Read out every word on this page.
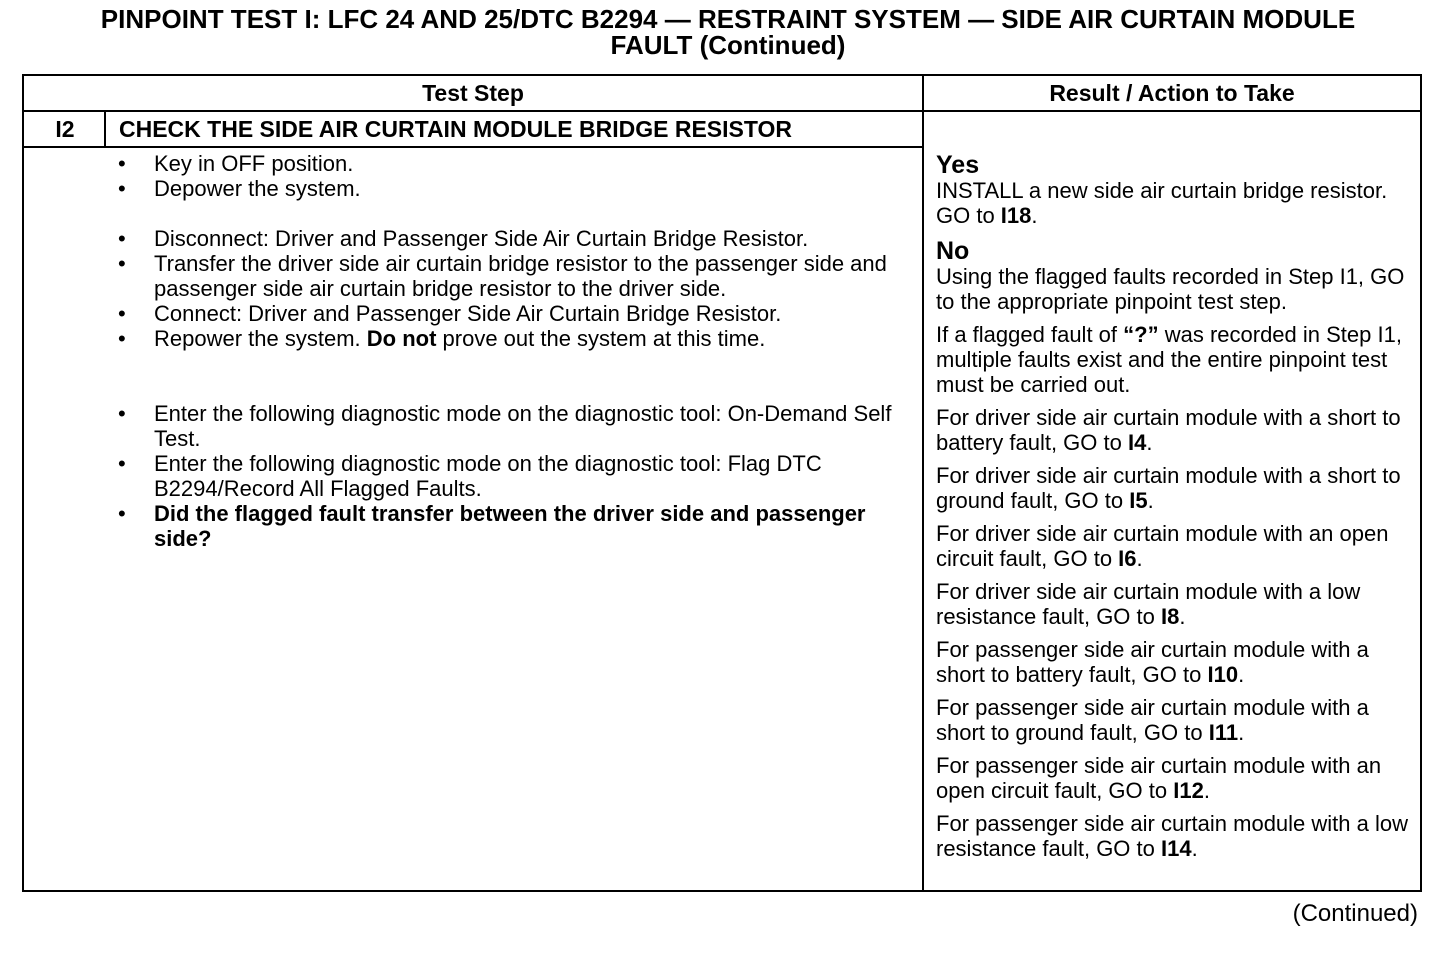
PINPOINT TEST I: LFC 24 AND 25/DTC B2294 — RESTRAINT SYSTEM — SIDE AIR CURTAIN MODULE
FAULT (Continued)
Test Step	Result / Action to Take
I2	CHECK THE SIDE AIR CURTAIN MODULE BRIDGE RESISTOR
•	Key in OFF position.
•	Depower the system.
•	Disconnect: Driver and Passenger Side Air Curtain Bridge Resistor.
•	Transfer the driver side air curtain bridge resistor to the passenger side and passenger side air curtain bridge resistor to the driver side.
•	Connect: Driver and Passenger Side Air Curtain Bridge Resistor.
•	Repower the system. Do not prove out the system at this time.
•	Enter the following diagnostic mode on the diagnostic tool: On-Demand Self Test.
•	Enter the following diagnostic mode on the diagnostic tool: Flag DTC B2294/Record All Flagged Faults.
•	Did the flagged fault transfer between the driver side and passenger side?

Yes

INSTALL a new side air curtain bridge resistor. GO to I18.

No

Using the flagged faults recorded in Step I1, GO to the appropriate pinpoint test step.

If a flagged fault of “?” was recorded in Step I1, multiple faults exist and the entire pinpoint test must be carried out.

For driver side air curtain module with a short to battery fault, GO to I4.

For driver side air curtain module with a short to ground fault, GO to I5.

For driver side air curtain module with an open circuit fault, GO to I6.

For driver side air curtain module with a low resistance fault, GO to I8.

For passenger side air curtain module with a short to battery fault, GO to I10.

For passenger side air curtain module with a short to ground fault, GO to I11.

For passenger side air curtain module with an open circuit fault, GO to I12.

For passenger side air curtain module with a low resistance fault, GO to I14.

(Continued)
